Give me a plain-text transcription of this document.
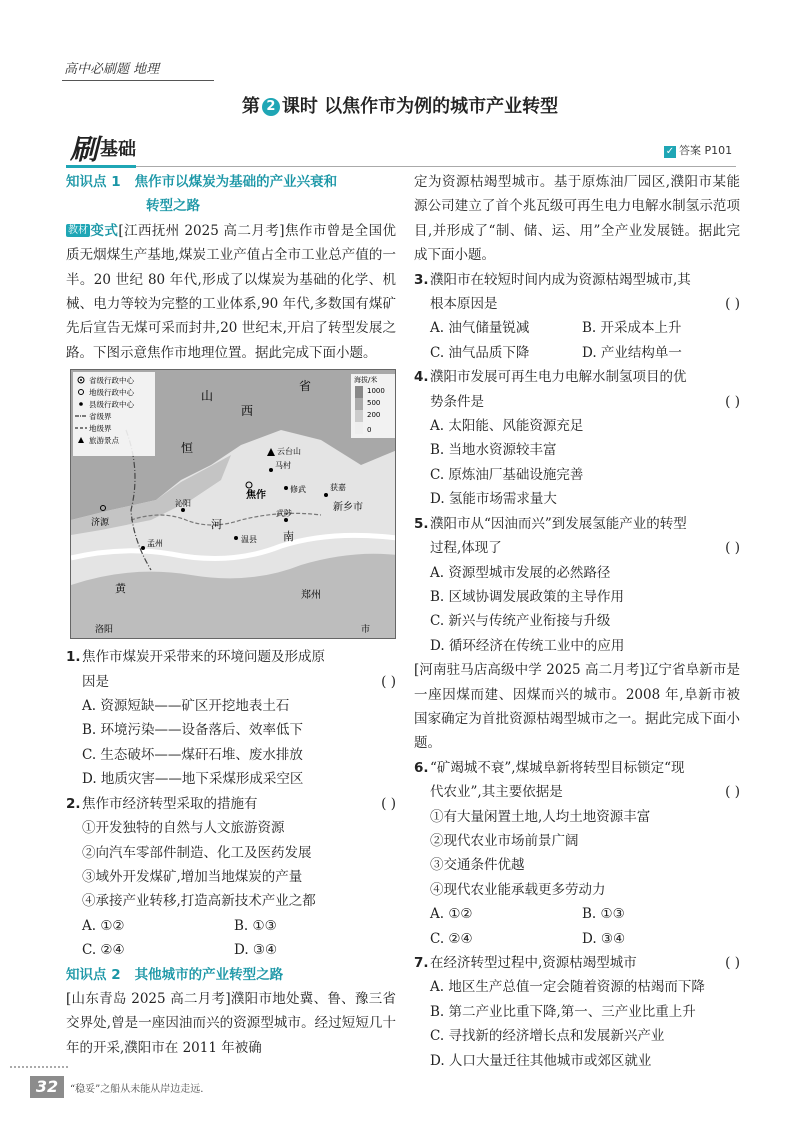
高中必刷题 地理
第 2 课时 以焦作市为例的城市产业转型
刷基础	✓ 答案 P101
知识点 1 焦作市以煤炭为基础的产业兴衰和
转型之路
教材 变式[江西抚州 2025 高二月考]焦作市曾是全国优质无烟煤生产基地,煤炭工业产值占全市工业总产值的一半。20 世纪 80 年代,形成了以煤炭为基础的化学、机械、电力等较为完整的工业体系,90 年代,多数国有煤矿先后宣告无煤可采而封井,20 世纪末,开启了转型发展之路。下图示意焦作市地理位置。据此完成下面小题。
省级行政中心
地级行政中心
县级行政中心
省级界
地级界
旅游景点
海拔/米
1000
500
200
0
山
西
省
马村
焦作
修武	获嘉
新乡市
济源
沁阳
河
南
温县
武陟
云台山
孟州
洛阳
郑州
市
黄
恒
1. 焦作市煤炭开采带来的环境问题及形成原
因是	( )
A. 资源短缺——矿区开挖地表土石
B. 环境污染——设备落后、效率低下
C. 生态破坏——煤矸石堆、废水排放
D. 地质灾害——地下采煤形成采空区
2. 焦作市经济转型采取的措施有	( )
①开发独特的自然与人文旅游资源
②向汽车零部件制造、化工及医药发展
③域外开发煤矿,增加当地煤炭的产量
④承接产业转移,打造高新技术产业之都
A. ①②	B. ①③
C. ②④	D. ③④
知识点 2 其他城市的产业转型之路
[山东青岛 2025 高二月考]濮阳市地处冀、鲁、豫三省交界处,曾是一座因油而兴的资源型城市。经过短短几十年的开采,濮阳市在 2011 年被确
定为资源枯竭型城市。基于原炼油厂园区,濮阳市某能源公司建立了首个兆瓦级可再生电力电解水制氢示范项目,并形成了“制、储、运、用”全产业发展链。据此完成下面小题。
3. 濮阳市在较短时间内成为资源枯竭型城市,其
根本原因是	( )
A. 油气储量锐减	B. 开采成本上升
C. 油气品质下降	D. 产业结构单一
4. 濮阳市发展可再生电力电解水制氢项目的优
势条件是	( )
A. 太阳能、风能资源充足
B. 当地水资源较丰富
C. 原炼油厂基础设施完善
D. 氢能市场需求量大
5. 濮阳市从“因油而兴”到发展氢能产业的转型
过程,体现了	( )
A. 资源型城市发展的必然路径
B. 区域协调发展政策的主导作用
C. 新兴与传统产业衔接与升级
D. 循环经济在传统工业中的应用
[河南驻马店高级中学 2025 高二月考]辽宁省阜新市是一座因煤而建、因煤而兴的城市。2008 年,阜新市被国家确定为首批资源枯竭型城市之一。据此完成下面小题。
6. “矿竭城不衰”,煤城阜新将转型目标锁定“现
代农业”,其主要依据是	( )
①有大量闲置土地,人均土地资源丰富
②现代农业市场前景广阔
③交通条件优越
④现代农业能承载更多劳动力
A. ①②	B. ①③
C. ②④	D. ③④
7. 在经济转型过程中,资源枯竭型城市	( )
A. 地区生产总值一定会随着资源的枯竭而下降
B. 第二产业比重下降,第一、三产业比重上升
C. 寻找新的经济增长点和发展新兴产业
D. 人口大量迁往其他城市或郊区就业
32	“稳妥”之船从未能从岸边走远.
